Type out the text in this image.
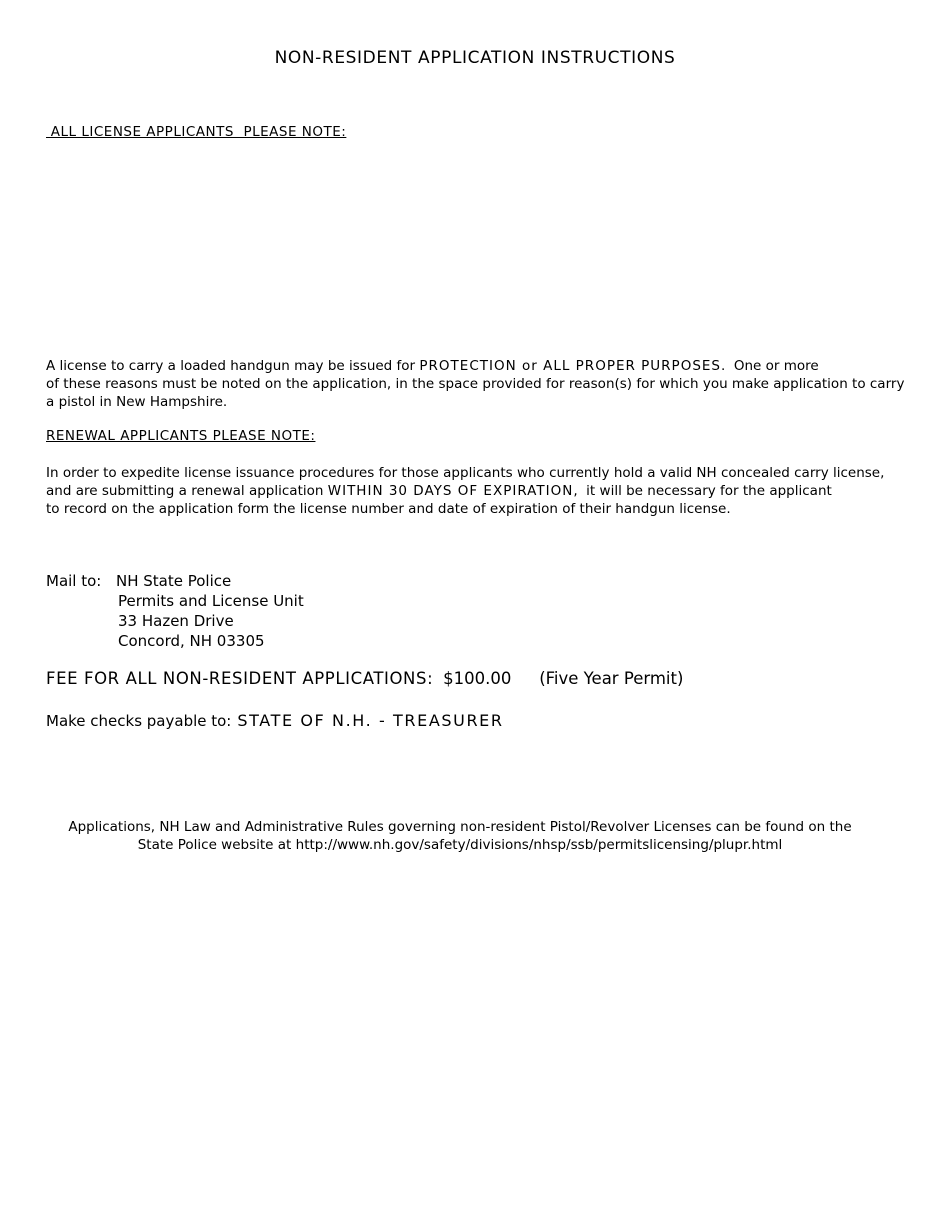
NON-RESIDENT APPLICATION INSTRUCTIONS
ALL LICENSE APPLICANTS  PLEASE NOTE:
A license to carry a loaded handgun may be issued for PROTECTION or ALL PROPER PURPOSES.  One or more
of these reasons must be noted on the application, in the space provided for reason(s) for which you make application to carry
a pistol in New Hampshire.
RENEWAL APPLICANTS PLEASE NOTE:
In order to expedite license issuance procedures for those applicants who currently hold a valid NH concealed carry license,
and are submitting a renewal application WITHIN 30 DAYS OF EXPIRATION,  it will be necessary for the applicant
to record on the application form the license number and date of expiration of their handgun license.
Mail to: NH State Police
Permits and License Unit
33 Hazen Drive
Concord, NH 03305
FEE FOR ALL NON-RESIDENT APPLICATIONS: $100.00 (Five Year Permit)
Make checks payable to: STATE OF N.H. - TREASURER
Applications, NH Law and Administrative Rules governing non-resident Pistol/Revolver Licenses can be found on the
State Police website at http://www.nh.gov/safety/divisions/nhsp/ssb/permitslicensing/plupr.html
